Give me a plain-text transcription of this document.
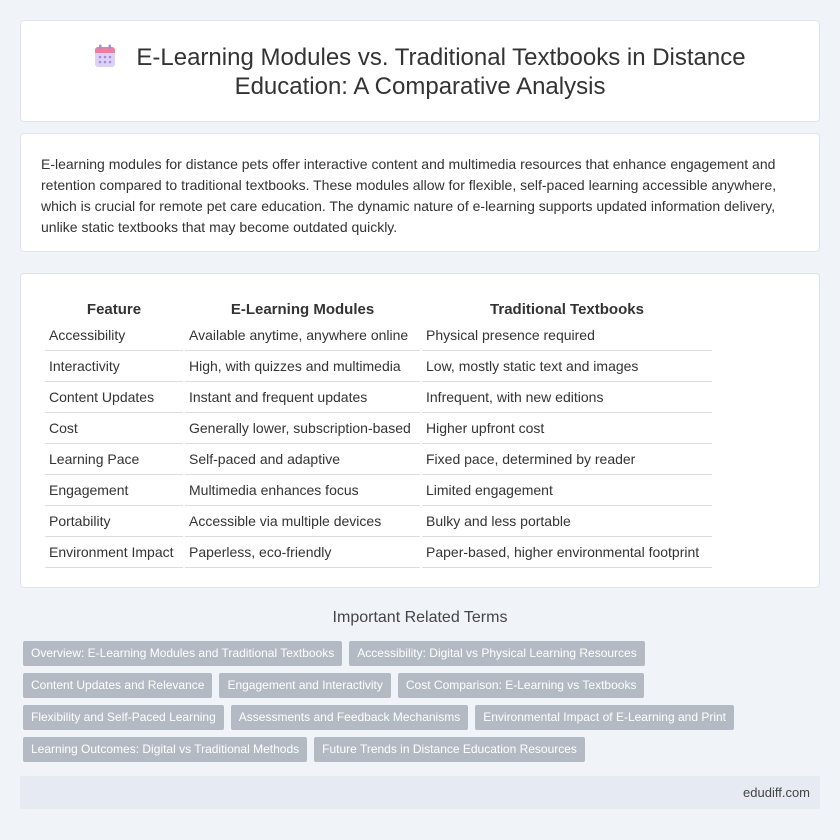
E-Learning Modules vs. Traditional Textbooks in Distance
Education: A Comparative Analysis

E-learning modules for distance pets offer interactive content and multimedia resources that enhance engagement and retention compared to traditional textbooks. These modules allow for flexible, self-paced learning accessible anywhere, which is crucial for remote pet care education. The dynamic nature of e-learning supports updated information delivery, unlike static textbooks that may become outdated quickly.

Feature	E-Learning Modules	Traditional Textbooks
Accessibility	Available anytime, anywhere online	Physical presence required
Interactivity	High, with quizzes and multimedia	Low, mostly static text and images
Content Updates	Instant and frequent updates	Infrequent, with new editions
Cost	Generally lower, subscription-based	Higher upfront cost
Learning Pace	Self-paced and adaptive	Fixed pace, determined by reader
Engagement	Multimedia enhances focus	Limited engagement
Portability	Accessible via multiple devices	Bulky and less portable
Environment Impact	Paperless, eco-friendly	Paper-based, higher environmental footprint
Important Related Terms
Overview: E-Learning Modules and Traditional Textbooks	Accessibility: Digital vs Physical Learning Resources
Content Updates and Relevance	Engagement and Interactivity	Cost Comparison: E-Learning vs Textbooks
Flexibility and Self-Paced Learning	Assessments and Feedback Mechanisms	Environmental Impact of E-Learning and Print
Learning Outcomes: Digital vs Traditional Methods	Future Trends in Distance Education Resources
edudiff.com
